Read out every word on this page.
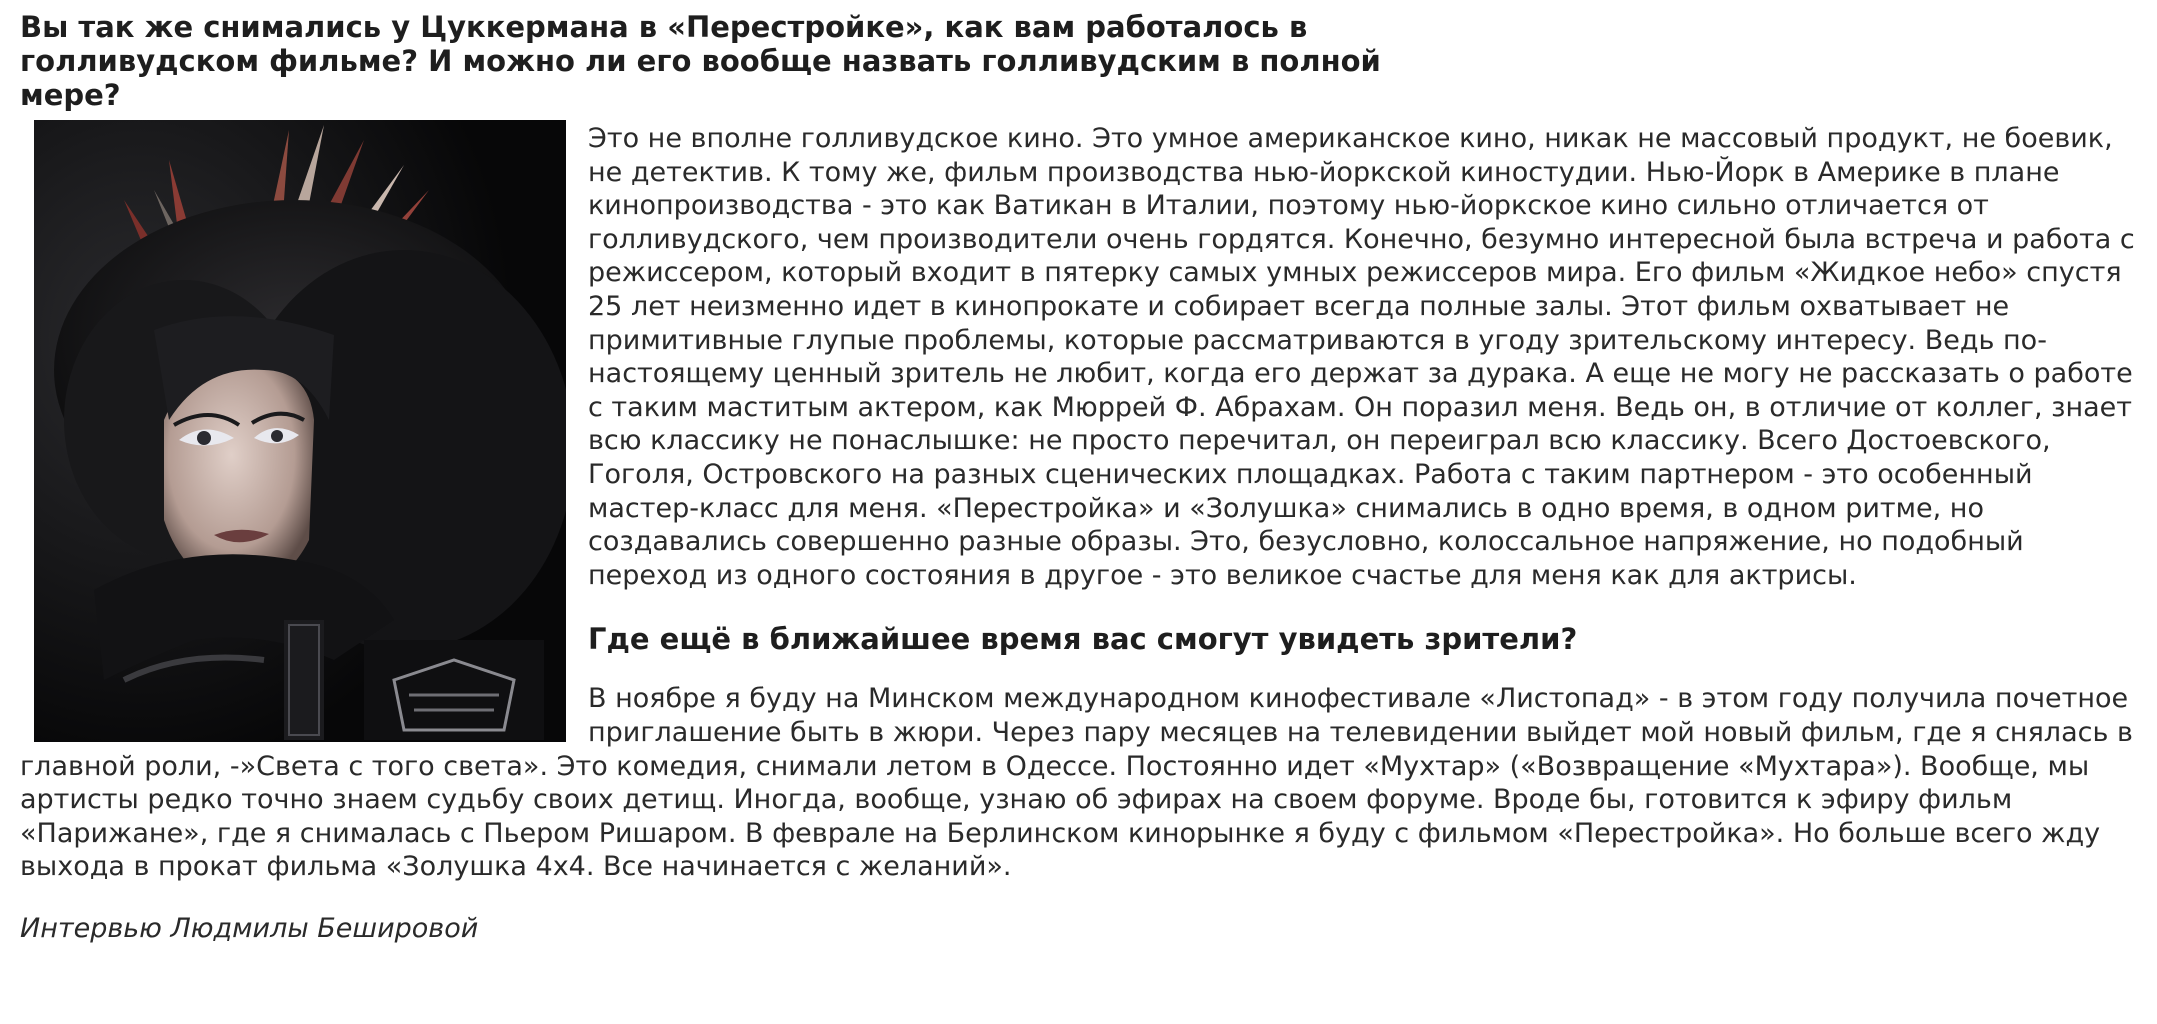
Вы так же снимались у Цуккермана в «Перестройке», как вам работалось в голливудском фильме? И можно ли его вообще назвать голливудским в полной мере?

Это не вполне голливудское кино. Это умное американское кино, никак не массовый продукт, не боевик, не детектив. К тому же, фильм производства нью-йоркской киностудии. Нью-Йорк в Америке в плане кинопроизводства - это как Ватикан в Италии, поэтому нью-йоркское кино сильно отличается от голливудского, чем производители очень гордятся. Конечно, безумно интересной была встреча и работа с режиссером, который входит в пятерку самых умных режиссеров мира. Его фильм «Жидкое небо» спустя 25 лет неизменно идет в кинопрокате и собирает всегда полные залы. Этот фильм охватывает не примитивные глупые проблемы, которые рассматриваются в угоду зрительскому интересу. Ведь по-настоящему ценный зритель не любит, когда его держат за дурака. А еще не могу не рассказать о работе с таким маститым актером, как Мюррей Ф. Абрахам. Он поразил меня. Ведь он, в отличие от коллег, знает всю классику не понаслышке: не просто перечитал, он переиграл всю классику. Всего Достоевского, Гоголя, Островского на разных сценических площадках. Работа с таким партнером - это особенный мастер-класс для меня. «Перестройка» и «Золушка» снимались в одно время, в одном ритме, но создавались совершенно разные образы. Это, безусловно, колоссальное напряжение, но подобный переход из одного состояния в другое - это великое счастье для меня как для актрисы.

Где ещё в ближайшее время вас смогут увидеть зрители?

В ноябре я буду на Минском международном кинофестивале «Листопад» - в этом году получила почетное приглашение быть в жюри. Через пару месяцев на телевидении выйдет мой новый фильм, где я снялась в главной роли, -»Света с того света». Это комедия, снимали летом в Одессе. Постоянно идет «Мухтар» («Возвращение «Мухтара»). Вообще, мы артисты редко точно знаем судьбу своих детищ. Иногда, вообще, узнаю об эфирах на своем форуме. Вроде бы, готовится к эфиру фильм «Парижане», где я снималась с Пьером Ришаром. В феврале на Берлинском кинорынке я буду с фильмом «Перестройка». Но больше всего жду выхода в прокат фильма «Золушка 4х4. Все начинается с желаний».

Интервью Людмилы Бешировой
